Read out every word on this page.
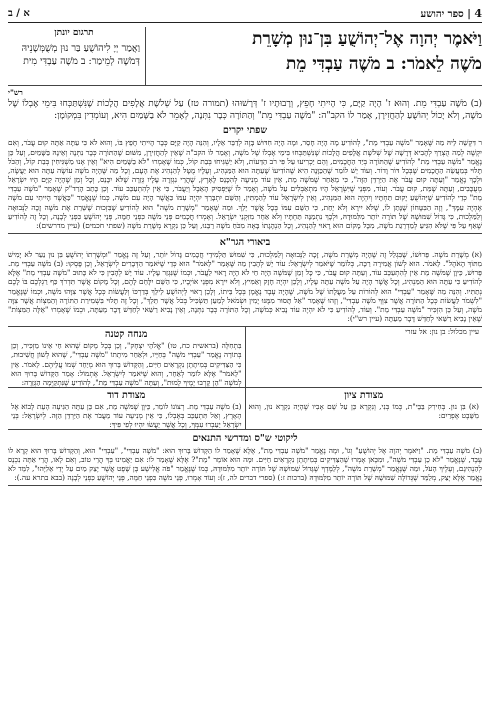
4 | ספר יהושע
א / ב
וַיֹּאמֶר יְהוָה אֶל־יְהוֹשֻׁעַ בִּן־נוּן מְשָׁרֵת
מֹשֶׁה לֵאמֹר: ב מֹשֶׁה עַבְדִּי מֵת
תרגום יונתן
וַאֲמַר יְיָ לִיהוֹשֻׁעַ בַּר נוּן מְשֻׁמְּשָׁנֵיהּ דְּמֹשֶׁה לְמֵימַר: ב מֹשֶׁה עַבְדִּי מִית
רש"י
(ב) מֹשֶׁה עַבְדִּי מֵת. וְהוּא ז' הָיָה קַיָּם, כִּי הָיִיתִי חָפֵץ, וְרָבוּתָיו ז' דְּרָשׁוּהוּ (תמורה טז) עַל שְׁלֹשֶׁת אֲלָפִים הֲלָכוֹת שֶׁנִּשְׁתַּכְּחוּ בִּימֵי אֶבְלוֹ שֶׁל מֹשֶׁה, וְלֹא יָכוֹל יְהוֹשֻׁעַ לְהַחֲזִירָן, אָמַר לוֹ הקב"ה: "מֹשֶׁה עַבְדִּי מֵת" וְהַתּוֹרָה כְּבָר נִתְּנָה, לְאָמֵר לֹא בַשָּׁמַיִם הִיא, וְעוֹמְדִין בִּמְקוֹמָן:
שפתי יקרים
ר דִּקְשֵׁה לֵיהּ מַה שֶּׁאָמַר "מֹשֶׁה עַבְדִּי מֵת", לְהוֹדִיעַ מָה הָיָה חָסֵר, וּמָה הָיָה חִדּוּשׁ בָּזֶה לְדַבֵּר אֵלָיו, וְהִנֵּה הָיָה קַיָּם כְּבָר הָיִיתִי חָפֵץ בּוֹ, וְהוּא לֹא כִּי עַתָּה אַתָּה קוּם עֲבֹר, וְאִם יִקְשֶׁה לְמַה הֻצְרַךְ לְהָבִיא דְּרָשָׁה שֶׁל שְׁלֹשֶׁת אֲלָפִים הֲלָכוֹת שֶׁנִּשְׁתַּכְּחוּ בִּימֵי אֶבְלוֹ שֶׁל מֹשֶׁה, וְאָמַר לוֹ הקב"ה שֶׁאֵין לְהַחֲזִירָן, מִשּׁוּם שֶׁהַתּוֹרָה כְּבָר נִתְּנָה וְאֵינָהּ בַּשָּׁמַיִם, וְעַל כֵּן נֶאֱמַר "מֹשֶׁה עַבְדִּי מֵת" לְהוֹדִיעַ שֶׁהַתּוֹרָה בְּיַד הַחֲכָמִים, וְהֵם יַכְרִיעוּ עַל פִּי רֹב הַדֵּעוֹת, וְלֹא יַשְׁגִּיחוּ בְּבַת קוֹל, כְּמוֹ שֶׁאָמְרוּ "לֹא בַשָּׁמַיִם הִיא" וְאֵין אָנוּ מַשְׁגִּיחִין בְּבַת קוֹל, וְהַכֹּל תָּלוּי בְּמַעֲשֵׂה הַחֲכָמִים שֶׁבְּכָל דּוֹר וָדוֹר. וְעוֹד יֵשׁ לוֹמַר שֶׁהַכַּוָּנָה הִיא שֶׁהוֹדִיעוֹ שֶׁעַתָּה הוּא הַמַּנְהִיג, וְעָלָיו מֻטָּל לְהַנְהִיג אֶת הָעָם, וְכָל מַה שֶּׁהָיָה מֹשֶׁה עוֹשֶׂה עַתָּה הוּא יַעֲשֶׂה, וּלְכָךְ נֶאֱמַר "וְעַתָּה קוּם עֲבֹר אֶת הַיַּרְדֵּן הַזֶּה", כִּי מֵאַחַר שֶׁמֹּשֶׁה מֵת, אֵין עוֹד מְנִיעָה לְהִכָּנֵס לָאָרֶץ, שֶׁהֲרֵי נִגְזְרָה עָלָיו גְּזֵרָה שֶׁלֹּא יִכָּנֵס, וְכָל זְמַן שֶׁהָיָה קַיָּם הָיוּ יִשְׂרָאֵל מְעֻכָּבִים, וְעַתָּה שֶׁמֵּת, קוּם עֲבֹר. וְעוֹד, מִפְּנֵי שֶׁיִּשְׂרָאֵל הָיוּ מִתְאַבְּלִים עַל מֹשֶׁה, וְאָמַר לוֹ שֶׁיַּפְסִיק הָאֵבֶל וְיַעֲבֹר, כִּי אֵין לְהִתְעַכֵּב עוֹד. וְכֵן כָּתַב הָרַד"ק שֶׁאָמַר "מֹשֶׁה עַבְדִּי מֵת" כְּדֵי לְהוֹדִיעַ שֶׁיְּהוֹשֻׁעַ יָקוּם תַּחְתָּיו וְיִהְיֶה הוּא הַמַּנְהִיג, וְאֵין לְיִשְׂרָאֵל עוֹד לְהַמְתִּין, וְהַשֵּׁם יִתְבָּרַךְ יִהְיֶה עִמּוֹ כַּאֲשֶׁר הָיָה עִם מֹשֶׁה, כְּמוֹ שֶׁנֶּאֱמַר "כַּאֲשֶׁר הָיִיתִי עִם מֹשֶׁה אֶהְיֶה עִמָּךְ", וְזֶה הַבִּטָּחוֹן שֶׁנָּתַן לוֹ, שֶׁלֹּא יִירָא וְלֹא יֵחַת, כִּי הַשֵּׁם עִמּוֹ בְּכָל אֲשֶׁר יֵלֵךְ. וּמַה שֶּׁאָמַר "מְשָׁרֵת מֹשֶׁה" הוּא לְהוֹדִיעַ שֶׁבִּזְכוּת שֶׁשֵּׁרֵת אֶת מֹשֶׁה זָכָה לַנְּבוּאָה וְלַמַּלְכוּת, כִּי גָּדוֹל שִׁמּוּשָׁהּ שֶׁל תּוֹרָה יוֹתֵר מִלִּמּוּדָהּ, וּלְכָךְ נִתְמַנָּה תַּחְתָּיו וְלֹא אַחֵר מִזִּקְנֵי יִשְׂרָאֵל. וְאָמְרוּ חֲכָמִים פְּנֵי מֹשֶׁה כִּפְנֵי חַמָּה, פְּנֵי יְהוֹשֻׁעַ כִּפְנֵי לְבָנָה, וְכָל זֶה לְהוֹדִיעַ שֶׁאַף עַל פִּי שֶׁלֹּא הִגִּיעַ לְמַדְרֵגַת מֹשֶׁה, מִכָּל מָקוֹם הוּא רָאוּי לְהַנְהִיג, וְכָל הַנְהָגָתוֹ בָּאָה מִכֹּחַ מֹשֶׁה רַבֵּנוּ, וְעַל כֵּן נִקְרָא מְשָׁרֵת מֹשֶׁה (שפתי חכמים) (עיין מדרשים):
ביאורי הגר"א
(א) מְשָׁרֵת מֹשֶׁה. פֵּרוּשׁוֹ, שֶׁבִּגְלַל זֶה שֶׁהָיָה מְשָׁרֵת מֹשֶׁה, זָכָה לַנְּבוּאָה וְלַמַּלְכוּת, כִּי שִׁמּוּשׁ תַּלְמִידֵי חֲכָמִים גָּדוֹל יוֹתֵר, וְעַל זֶה נֶאֱמַר "וּמְשָׁרְתוֹ יְהוֹשֻׁעַ בִּן נוּן נַעַר לֹא יָמִישׁ מִתּוֹךְ הָאֹהֶל". לֵאמֹר. הוּא לְשׁוֹן אֲמִירָה רַכָּה, כְּלוֹמַר שֶׁיֹּאמַר לְיִשְׂרָאֵל: עוֹד יֵשׁ לְהָבִין מַה שֶּׁאָמַר "לֵאמֹר" הוּא כְּדֵי שֶׁיֹּאמַר הַדְּבָרִים לְיִשְׂרָאֵל, וְכֵן פָּסְקוּ: (ב) מֹשֶׁה עַבְדִּי מֵת. פֵּרוּשׁ, כֵּיוָן שֶׁמֹּשֶׁה מֵת אֵין לְהִתְעַכֵּב עוֹד, וְעַתָּה קוּם עֲבֹר, כִּי כָּל זְמַן שֶׁמֹּשֶׁה הָיָה חַי לֹא הָיָה רָאוּי לַעֲבֹר, וּכְמוֹ שֶׁנִּגְזַר עָלָיו. עוֹד יֵשׁ לְהָבִין כִּי לֹא כָּתוּב "מֹשֶׁה עַבְדִּי מֵת" אֶלָּא לְהוֹדִיעַ כִּי עַתָּה הוּא הַמַּנְהִיג, וְכָל אֲשֶׁר הָיָה עַל מֹשֶׁה עַתָּה עָלָיו, וְלָכֵן יִהְיֶה חָזָק וְאַמִּיץ, וְלֹא יִירָא מִפְּנֵי אוֹיְבָיו, כִּי הַשֵּׁם יִלָּחֵם לָהֶם, וְכָל מָקוֹם אֲשֶׁר תִּדְרֹךְ כַּף רַגְלְכֶם בּוֹ לָכֶם נְתַתִּיו. וְהִנֵּה מַה שֶּׁאָמַר "עַבְדִּי" הוּא לְהוֹרוֹת עַל מַעֲלָתוֹ שֶׁל מֹשֶׁה, שֶׁהָיָה עֶבֶד נֶאֱמָן בְּכָל בֵּיתוֹ, וְלָכֵן רָאוּי לְיְהוֹשֻׁעַ לֵילֵךְ בְּדַרְכּוֹ וְלַעֲשׂוֹת כְּכָל אֲשֶׁר צִוָּהוּ מֹשֶׁה, וּכְמוֹ שֶׁנֶּאֱמַר "לִשְׁמֹר לַעֲשׂוֹת כְּכָל הַתּוֹרָה אֲשֶׁר צִוְּךָ מֹשֶׁה עַבְדִּי", וְזֶהוּ שֶׁאָמַר "אַל תָּסוּר מִמֶּנּוּ יָמִין וּשְׂמֹאל לְמַעַן תַּשְׂכִּיל בְּכֹל אֲשֶׁר תֵּלֵךְ", וְכָל זֶה תָּלוּי בִּשְׁמִירַת הַתּוֹרָה וְהַמִּצְוֹת אֲשֶׁר צִוָּה מֹשֶׁה, וְעַל כֵּן הִזְכִּיר "מֹשֶׁה עַבְדִּי מֵת". וְעוֹד, לְהוֹדִיעַ כִּי לֹא יִהְיֶה עוֹד נָבִיא כְּמֹשֶׁה, וְכָל הַתּוֹרָה כְּבָר נִתְּנָה, וְאֵין נָבִיא רַשַּׁאי לְחַדֵּשׁ דָּבָר מֵעַתָּה, וּכְמוֹ שֶׁאָמְרוּ "אֵלֶּה הַמִּצְוֹת" שֶׁאֵין נָבִיא רַשַּׁאי לְחַדֵּשׁ דָּבָר מֵעַתָּה (עיין רש"י):
עיין מכלול: בן נון: אל עזרי
מנחה קטנה
בִּתְחִלָּה (בראשית כח, טו) "אֱלֹהֵי יִצְחָק", וְכֵן בְּכָל מָקוֹם שֶׁהוּא חַי אֵינוֹ מַזְכִּיר, וְכֵן בְּתוֹרָה נֶאֱמַר "עַבְדִּי מֹשֶׁה" בְּחַיָּיו, וּלְאַחַר מִיתָתוֹ "מֹשֶׁה עַבְדִּי", שֶׁהוּא לְשׁוֹן חֲשִׁיבוּת, כִּי הַצַּדִּיקִים בְּמִיתָתָן נִקְרָאִים חַיִּים, וְהַקָּדוֹשׁ בָּרוּךְ הוּא מְיַחֵד שְׁמוֹ עֲלֵיהֶם. לֵאמֹר. אֵין "לֵאמֹר" אֶלָּא לוֹמַר לְאַחֵר, וְהוּא שֶׁיֹּאמַר לְיִשְׂרָאֵל. אֶתְמוֹל: אָמַר הַקָּדוֹשׁ בָּרוּךְ הוּא לְמֹשֶׁה "הֵן קָרְבוּ יָמֶיךָ לָמוּת", וְעַתָּה "מֹשֶׁה עַבְדִּי מֵת", לְהוֹדִיעַ שֶׁנִּתְקַיְּמָה הַגְּזֵרָה:
מצודת ציון
(א) בִּן נוּן. בְּחִירִק בַּבֵּי"ת, כְּמוֹ בְּנִי, וְנִקְרָא כֵּן עַל שֵׁם אָבִיו שֶׁהָיָה נִקְרָא נוּן, וְהוּא מִשֵּׁבֶט אֶפְרַיִם:
מצודת דוד
(ב) מֹשֶׁה עַבְדִּי מֵת. רְצוֹנוֹ לוֹמַר, כֵּיוָן שֶׁמֹּשֶׁה מֵת, אִם כֵּן עַתָּה הַגִּיעָה הָעֵת לָבוֹא אֶל הָאָרֶץ, וְאַל תִּתְעַכֵּב בְּאֶבְלוֹ, כִּי אֵין מְנִיעָה עוֹד מֵעֲבֹר אֶת הַיַּרְדֵּן הַזֶּה. לְיִשְׂרָאֵל: בְּנֵי יִשְׂרָאֵל יַעַבְרוּ עִמְּךָ, וְכָל אֲשֶׁר יַעֲשׂוּ יִהְיוּ לְפִי פִּיךָ:
ליקוטי ש"ס ומדרשי התנאים
(ב) מֹשֶׁה עַבְדִּי מֵת. "וַיֹּאמֶר יְהוָה אֶל יְהוֹשֻׁעַ" וְגוֹ', וּמָה נֶאֱמַר "מֹשֶׁה עַבְדִּי מֵת", אֶלָּא שֶׁאָמַר לוֹ הַקָּדוֹשׁ בָּרוּךְ הוּא: "מֹשֶׁה עַבְדִּי", "עַבְדִּי" הוּא, וְהַקָּדוֹשׁ בָּרוּךְ הוּא קָרָא לוֹ עֶבֶד, שֶׁנֶּאֱמַר "לֹא כֵן עַבְדִּי מֹשֶׁה", וּמִכָּאן אָמְרוּ שֶׁהַצַּדִּיקִים בְּמִיתָתָן נִקְרָאִים חַיִּים. וּמָה הוּא אוֹמֵר "מֵת"? אֶלָּא שֶׁאָמַר לוֹ: אִם יַאֲמִינוּ בְּךָ הֲרֵי טוֹב, וְאִם לָאו, הֲרֵי אַתָּה נִכְנָס לְהַנְהִיגָם, וְעָלֶיךָ הָעֹל, וּמַה שֶּׁנֶּאֱמַר "מְשָׁרֵת מֹשֶׁה", לְלַמֶּדְךָ שֶׁגָּדוֹל שִׁמּוּשָׁהּ שֶׁל תּוֹרָה יוֹתֵר מִלִּמּוּדָהּ, כְּמוֹ שֶׁנֶּאֱמַר "פֹּה אֱלִישָׁע בֶּן שָׁפָט אֲשֶׁר יָצַק מַיִם עַל יְדֵי אֵלִיָּהוּ", לִמֵּד לֹא נֶאֱמַר אֶלָּא יָצַק, מְלַמֵּד שֶׁגְּדוֹלָה שִׁמּוּשָׁהּ שֶׁל תּוֹרָה יוֹתֵר מִלִּמּוּדָהּ (ברכות ז:) (ספרי דברים לה, ז): וְעוֹד אָמְרוּ, פְּנֵי מֹשֶׁה כִּפְנֵי חַמָּה, פְּנֵי יְהוֹשֻׁעַ כִּפְנֵי לְבָנָה (בבא בתרא עה.):
